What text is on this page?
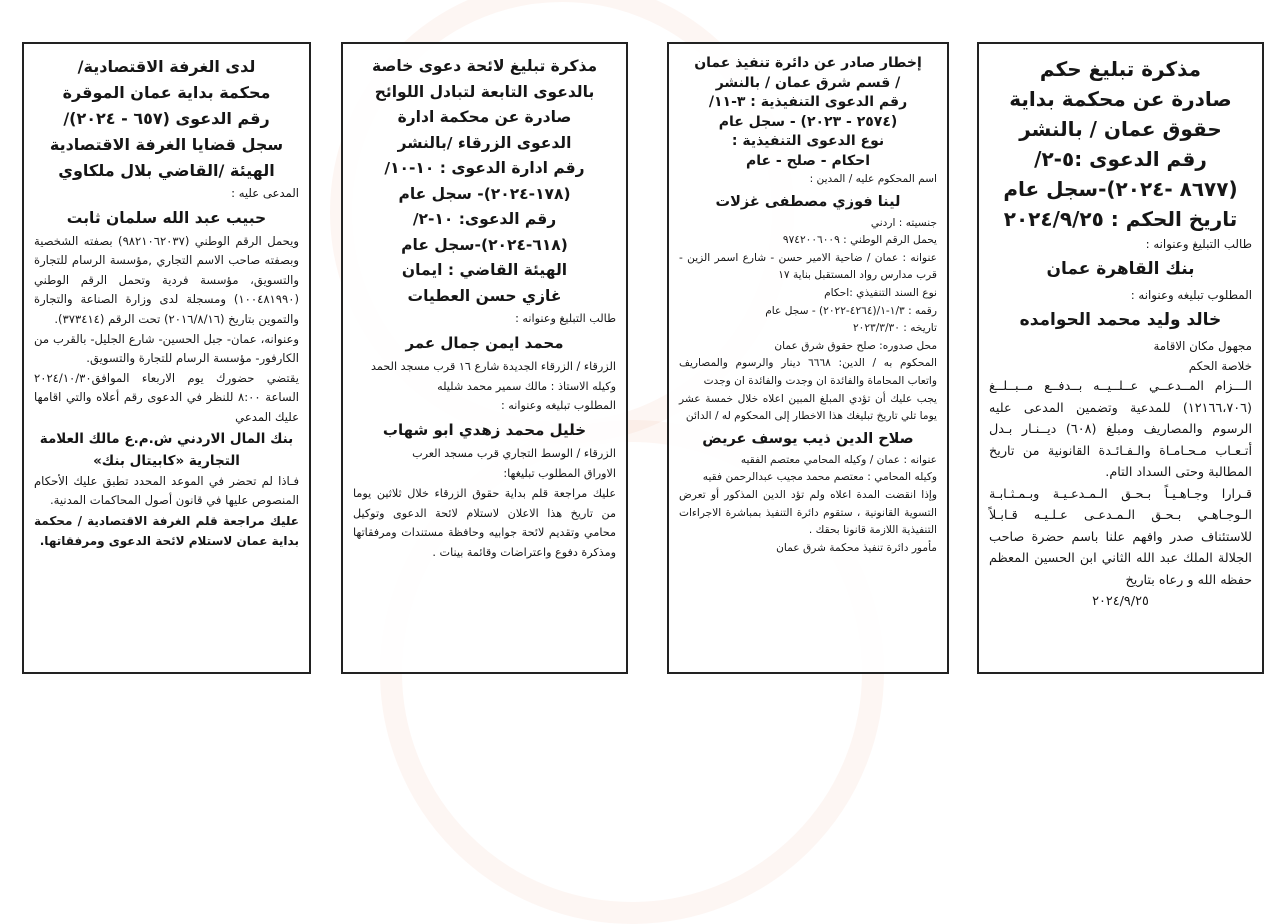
لدى الغرفة الاقتصادية/

محكمة بداية عمان الموقرة

رقم الدعوى (٦٥٧ - ٢٠٢٤)/

سجل قضايا الغرفة الاقتصادية

الهيئة /القاضي بلال ملكاوي

المدعى عليه :

حبيب عبد الله سلمان ثابت

ويحمل الرقم الوطني (٩٨٢١٠٦٢٠٣٧) بصفته الشخصية وبصفته صاحب الاسم التجاري ,مؤسسة الرسام للتجارة والتسويق، مؤسسة فردية وتحمل الرقم الوطني (١٠٠٤٨١٩٩٠) ومسجلة لدى وزارة الصناعة والتجارة والتموين بتاريخ (٢٠١٦/٨/١٦) تحت الرقم (٣٧٣٤١٤).

وعنوانه، عمان- جبل الحسين- شارع الجليل- بالقرب من الكارفور- مؤسسة الرسام للتجارة والتسويق.

يقتضي حضورك يوم الاربعاء الموافق٢٠٢٤/١٠/٣٠ الساعة ٨:٠٠ للنظر في الدعوى رقم أعلاه والتي اقامها عليك المدعي

بنك المال الاردني ش.م.ع مالك العلامة التجارية «كابيتال بنك»

فـاذا لم تحضر في الموعد المحدد تطبق عليك الأحكام المنصوص عليها في قانون أصول المحاكمات المدنية.

عليك مراجعة قلم الغرفة الاقتصادية / محكمة بداية عمان لاستلام لائحة الدعوى ومرفقاتها.

مذكرة تبليغ لائحة دعوى خاصة

بالدعوى التابعة لتبادل اللوائح

صادرة عن محكمة ادارة

الدعوى الزرقاء /بالنشر

رقم ادارة الدعوى : ١٠-١٠/

(١٧٨-٢٠٢٤)- سجل عام

رقم الدعوى: ١٠-٢/

(٦١٨-٢٠٢٤)-سجل عام

الهيئة القاضي : ايمان

غازي حسن العطيات

طالب التبليغ وعنوانه :

محمد ايمن جمال عمر

الزرقاء / الزرقاء الجديدة شارع ١٦ قرب مسجد الحمد

وكيله الاستاذ : مالك سمير محمد شليله

المطلوب تبليغه وعنوانه :

خليل محمد زهدي ابو شهاب

الزرقاء / الوسط التجاري قرب مسجد العرب

الاوراق المطلوب تبليغها:

عليك مراجعة قلم بداية حقوق الزرقاء خلال ثلاثين يوما من تاريخ هذا الاعلان لاستلام لائحة الدعوى وتوكيل محامي وتقديم لائحة جوابيه وحافظة مستندات ومرفقاتها ومذكرة دفوع واعتراضات وقائمة بينات .

إخطار صادر عن دائرة تنفيذ عمان

/ قسم شرق عمان / بالنشر

رقم الدعوى التنفيذية : ٣-١١/

(٢٥٧٤ - ٢٠٢٣) - سجل عام

نوع الدعوى التنفيذية :

احكام - صلح - عام

اسم المحكوم عليه / المدين :

لينا فوزي مصطفى غزلات

جنسيته : اردني

يحمل الرقم الوطني : ٩٧٤٢٠٠٦٠٠٩

عنوانه : عمان / ضاحية الامير حسن - شارع اسمر الزين - قرب مدارس رواد المستقبل بناية ١٧

نوع السند التنفيذي :احكام

رقمه : ١/٣-١/(٤٢٦٤-٢٠٢٢) - سجل عام

تاريخه : ٢٠٢٣/٣/٣٠

محل صدوره: صلح حقوق شرق عمان

المحكوم به / الدين: ٦٦٦٨ دينار والرسوم والمصاريف واتعاب المحاماة والفائدة ان وجدت والفائدة ان وجدت

يجب عليك أن تؤدي المبلغ المبين اعلاه خلال خمسة عشر يوما تلي تاريخ تبليغك هذا الاخطار إلى المحكوم له / الدائن

صلاح الدين ذيب يوسف عريض

عنوانه : عمان / وكيله المحامي معتصم الفقيه

وكيله المحامي : معتصم محمد مجيب عبدالرحمن فقيه

وإذا انقضت المدة اعلاه ولم تؤد الدين المذكور أو تعرض التسوية القانونية ، ستقوم دائرة التنفيذ بمباشرة الاجراءات التنفيذية اللازمة قانونا بحقك .

مأمور دائرة تنفيذ محكمة شرق عمان

مذكرة تبليغ حكم

صادرة عن محكمة بداية

حقوق عمان / بالنشر

رقم الدعوى :٥-٢/

(٨٦٧٧ -٢٠٢٤)-سجل عام

تاريخ الحكم : ٢٠٢٤/٩/٢٥

طالب التبليغ وعنوانه :

بنك القاهرة عمان

المطلوب تبليغه وعنوانه :

خالد وليد محمد الحوامده

مجهول مكان الاقامة

خلاصة الحكم

الـــزام المــدعــي عــلــيــه بــدفــع مــبــلــغ (١٢١٦٦،٧٠٦) للمدعية وتضمين المدعى عليه الرسوم والمصاريف ومبلغ (٦٠٨) ديــنـار بـدل أتـعـاب مـحـامـاة والـفـائـدة القانونية من تاريخ المطالبة وحتى السداد التام.

قـرارا وجـاهـيـاً بـحـق الـمـدعـيـة وبـمـثـابـة الـوجـاهـي بـحـق الـمـدعـى عـلـيـه قـابـلاً للاستئناف صدر وافهم علنا باسم حضرة صاحب الجلالة الملك عبد الله الثاني ابن الحسين المعظم حفظه الله و رعاه بتاريخ

٢٠٢٤/٩/٢٥
